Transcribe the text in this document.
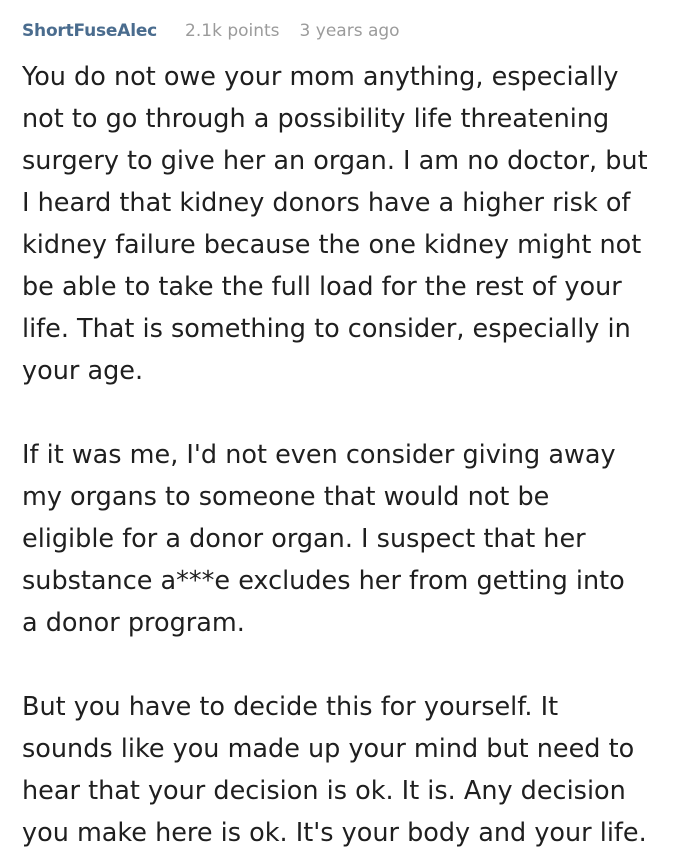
ShortFuseAlec 2.1k points 3 years ago

You do not owe your mom anything, especially
not to go through a possibility life threatening
surgery to give her an organ. I am no doctor, but
I heard that kidney donors have a higher risk of
kidney failure because the one kidney might not
be able to take the full load for the rest of your
life. That is something to consider, especially in
your age.

If it was me, I'd not even consider giving away
my organs to someone that would not be
eligible for a donor organ. I suspect that her
substance a***e excludes her from getting into
a donor program.

But you have to decide this for yourself. It
sounds like you made up your mind but need to
hear that your decision is ok. It is. Any decision
you make here is ok. It's your body and your life.
